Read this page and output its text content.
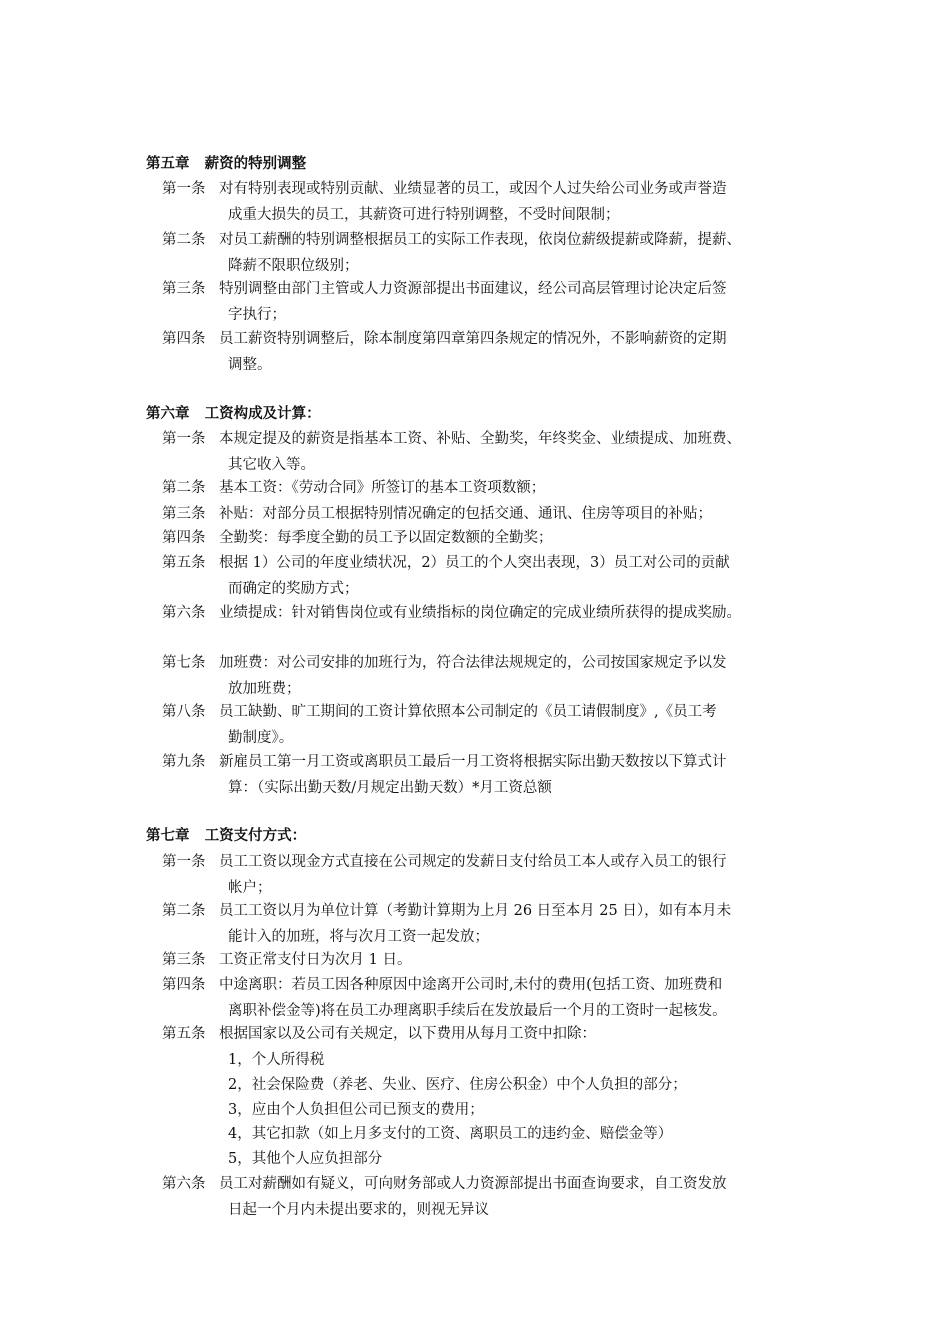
第五章   薪资的特别调整
第一条 对有特别表现或特别贡献、业绩显著的员工，或因个人过失给公司业务或声誉造
成重大损失的员工，其薪资可进行特别调整，不受时间限制；
第二条 对员工薪酬的特别调整根据员工的实际工作表现，依岗位薪级提薪或降薪，提薪、
降薪不限职位级别；
第三条 特别调整由部门主管或人力资源部提出书面建议，经公司高层管理讨论决定后签
字执行；
第四条 员工薪资特别调整后，除本制度第四章第四条规定的情况外，不影响薪资的定期
调整。
第六章   工资构成及计算：
第一条 本规定提及的薪资是指基本工资、补贴、全勤奖，年终奖金、业绩提成、加班费、
其它收入等。
第二条 基本工资：《劳动合同》所签订的基本工资项数额；
第三条 补贴：对部分员工根据特别情况确定的包括交通、通讯、住房等项目的补贴；
第四条 全勤奖：每季度全勤的员工予以固定数额的全勤奖；
第五条 根据 1）公司的年度业绩状况，2）员工的个人突出表现，3）员工对公司的贡献
而确定的奖励方式；
第六条 业绩提成：针对销售岗位或有业绩指标的岗位确定的完成业绩所获得的提成奖励。
第七条 加班费：对公司安排的加班行为，符合法律法规规定的，公司按国家规定予以发
放加班费；
第八条 员工缺勤、旷工期间的工资计算依照本公司制定的《员工请假制度》,《员工考
勤制度》。
第九条 新雇员工第一月工资或离职员工最后一月工资将根据实际出勤天数按以下算式计
算：（实际出勤天数/月规定出勤天数）*月工资总额
第七章   工资支付方式：
第一条 员工工资以现金方式直接在公司规定的发薪日支付给员工本人或存入员工的银行
帐户；
第二条 员工工资以月为单位计算（考勤计算期为上月 26 日至本月 25 日），如有本月未
能计入的加班，将与次月工资一起发放；
第三条 工资正常支付日为次月 1 日。
第四条 中途离职：若员工因各种原因中途离开公司时,未付的费用(包括工资、加班费和
离职补偿金等)将在员工办理离职手续后在发放最后一个月的工资时一起核发。
第五条 根据国家以及公司有关规定，以下费用从每月工资中扣除：
1，个人所得税
2，社会保险费（养老、失业、医疗、住房公积金）中个人负担的部分；
3，应由个人负担但公司已预支的费用；
4，其它扣款（如上月多支付的工资、离职员工的违约金、赔偿金等）
5，其他个人应负担部分
第六条 员工对薪酬如有疑义，可向财务部或人力资源部提出书面查询要求，自工资发放
日起一个月内未提出要求的，则视无异议
